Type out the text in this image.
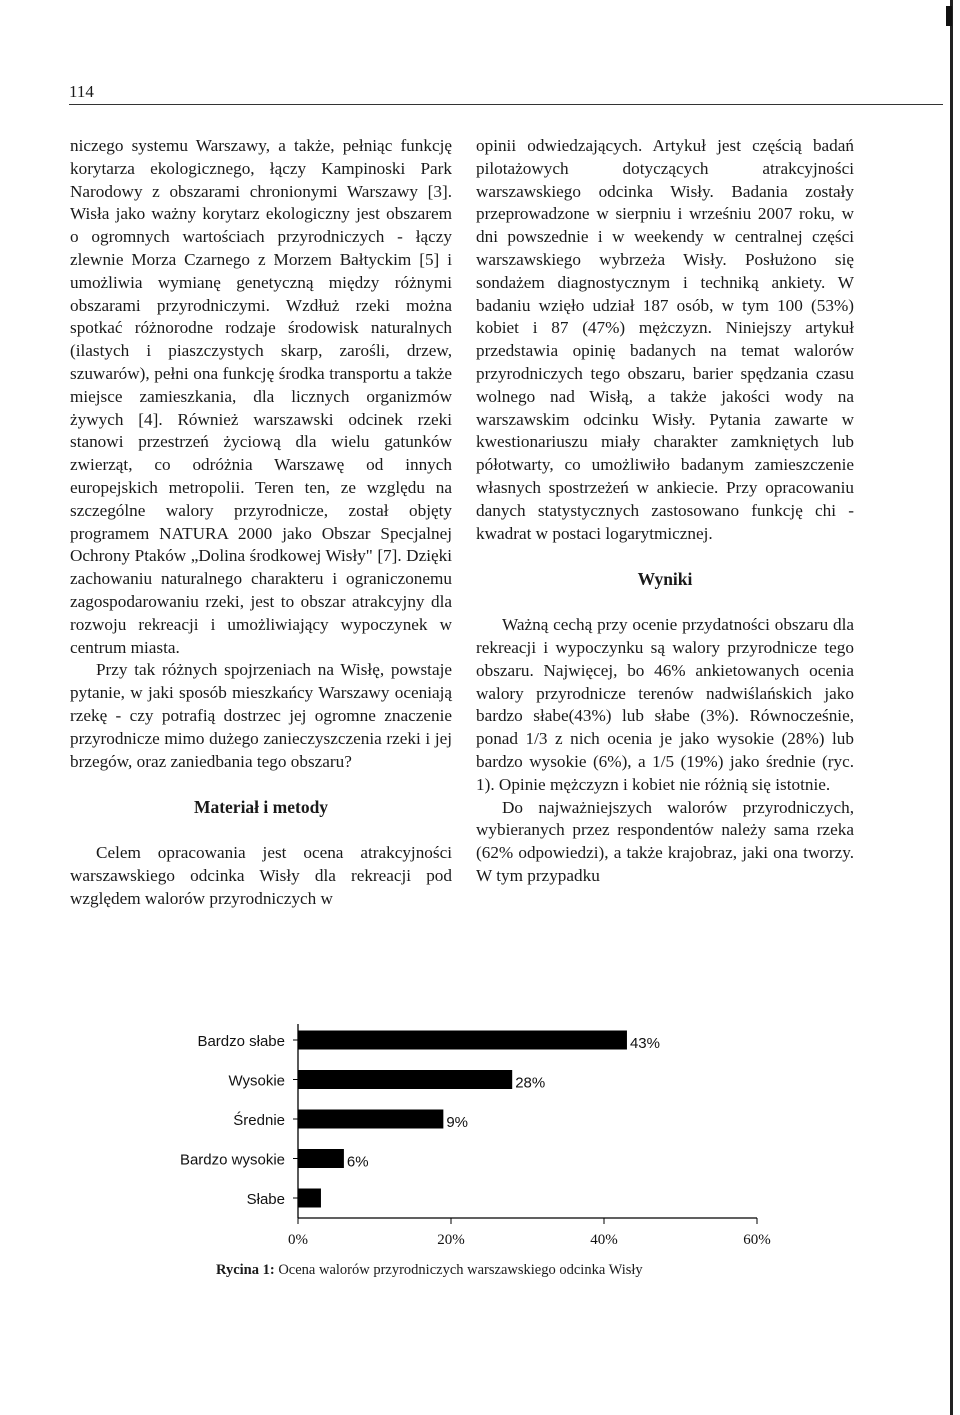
114

niczego systemu Warszawy, a także, pełniąc funkcję korytarza ekologicznego, łączy Kampinoski Park Narodowy z obszarami chronionymi Warszawy [3]. Wisła jako ważny korytarz ekologiczny jest obszarem o ogromnych wartościach przyrodniczych - łączy zlewnie Morza Czarnego z Morzem Bałtyckim [5] i umożliwia wymianę genetyczną między różnymi obszarami przyrodniczymi. Wzdłuż rzeki można spotkać różnorodne rodzaje środowisk naturalnych (ilastych i piaszczystych skarp, zarośli, drzew, szuwarów), pełni ona funkcję środka transportu a także miejsce zamieszkania, dla licznych organizmów żywych [4]. Również warszawski odcinek rzeki stanowi przestrzeń życiową dla wielu gatunków zwierząt, co odróżnia Warszawę od innych europejskich metropolii. Teren ten, ze względu na szczególne walory przyrodnicze, został objęty programem NATURA 2000 jako Obszar Specjalnej Ochrony Ptaków „Dolina środkowej Wisły" [7]. Dzięki zachowaniu naturalnego charakteru i ograniczonemu zagospodarowaniu rzeki, jest to obszar atrakcyjny dla rozwoju rekreacji i umożliwiający wypoczynek w centrum miasta.

Przy tak różnych spojrzeniach na Wisłę, powstaje pytanie, w jaki sposób mieszkańcy Warszawy oceniają rzekę - czy potrafią dostrzec jej ogromne znaczenie przyrodnicze mimo dużego zanieczyszczenia rzeki i jej brzegów, oraz zaniedbania tego obszaru?

Materiał i metody

Celem opracowania jest ocena atrakcyjności warszawskiego odcinka Wisły dla rekreacji pod względem walorów przyrodniczych w

opinii odwiedzających. Artykuł jest częścią badań pilotażowych dotyczących atrakcyjności warszawskiego odcinka Wisły. Badania zostały przeprowadzone w sierpniu i wrześniu 2007 roku, w dni powszednie i w weekendy w centralnej części warszawskiego wybrzeża Wisły. Posłużono się sondażem diagnostycznym i techniką ankiety. W badaniu wzięło udział 187 osób, w tym 100 (53%) kobiet i 87 (47%) mężczyzn. Niniejszy artykuł przedstawia opinię badanych na temat walorów przyrodniczych tego obszaru, barier spędzania czasu wolnego nad Wisłą, a także jakości wody na warszawskim odcinku Wisły. Pytania zawarte w kwestionariuszu miały charakter zamkniętych lub półotwarty, co umożliwiło badanym zamieszczenie własnych spostrzeżeń w ankiecie. Przy opracowaniu danych statystycznych zastosowano funkcję chi - kwadrat w postaci logarytmicznej.

Wyniki

Ważną cechą przy ocenie przydatności obszaru dla rekreacji i wypoczynku są walory przyrodnicze tego obszaru. Najwięcej, bo 46% ankietowanych ocenia walory przyrodnicze terenów nadwiślańskich jako bardzo słabe(43%) lub słabe (3%). Równocześnie, ponad 1/3 z nich ocenia je jako wysokie (28%) lub bardzo wysokie (6%), a 1/5 (19%) jako średnie (ryc. 1). Opinie mężczyzn i kobiet nie różnią się istotnie.

Do najważniejszych walorów przyrodniczych, wybieranych przez respondentów należy sama rzeka (62% odpowiedzi), a także krajobraz, jaki ona tworzy. W tym przypadku

Bardzo słabe	43%
Wysokie	28%
Średnie	9%
Bardzo wysokie	6%
Słabe
0%	20%	40%	60%
Rycina 1: Ocena walorów przyrodniczych warszawskiego odcinka Wisły
